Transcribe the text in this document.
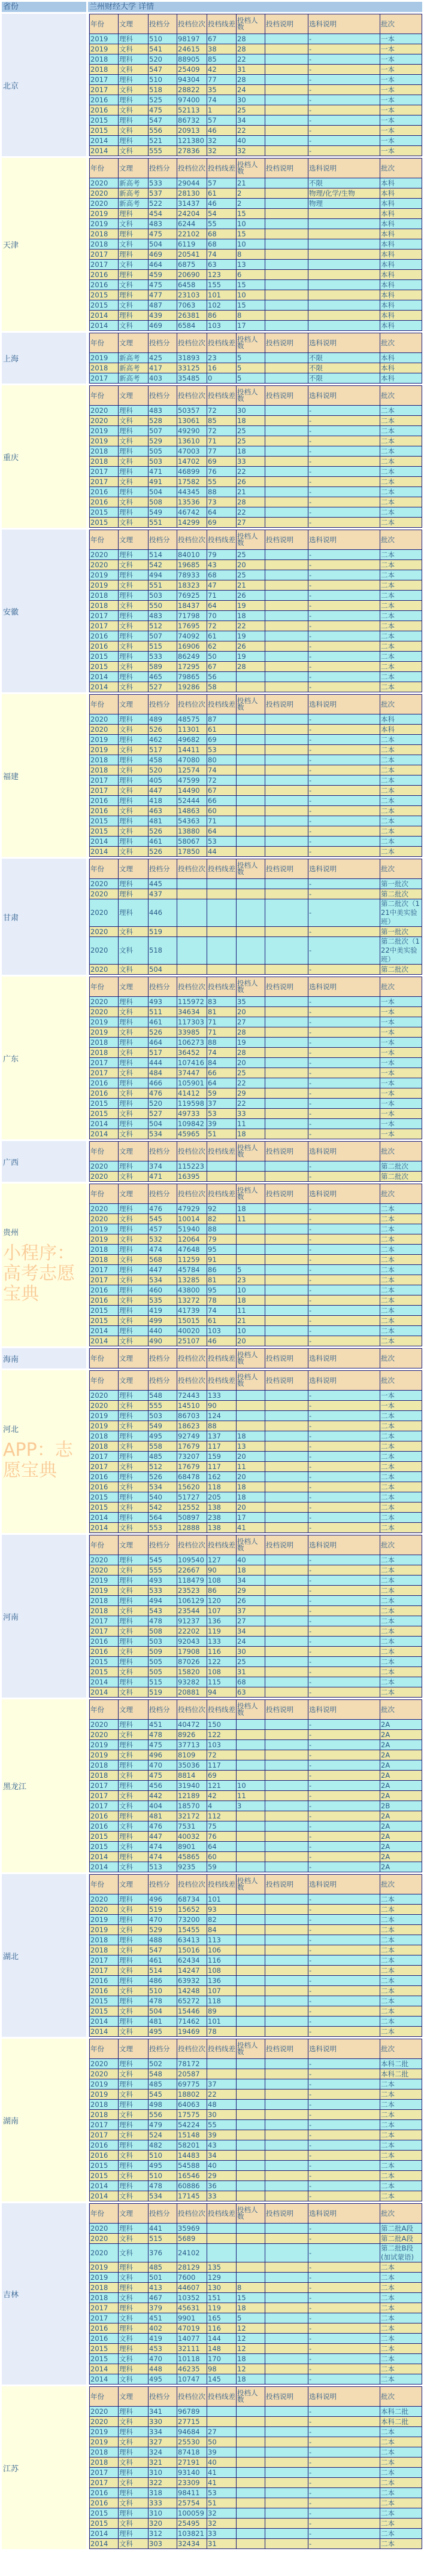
省份	兰州财经大学 详情

北京

年份	文理	投档分	投档位次	投档线差	投档人数	投档说明	选科说明	批次
2019	理科	510	98197	67	28		-	一本
2019	文科	541	24615	38	28		-	一本
2018	理科	520	88905	85	22		-	一本
2018	文科	547	25409	42	31		-	一本
2017	理科	510	94304	77	28		-	一本
2017	文科	518	28822	35	24		-	一本
2016	理科	525	97400	74	30		-	一本
2016	文科	475	52113	1	25		-	一本
2015	理科	547	86732	57	34		-	一本
2015	文科	556	20913	46	22		-	一本
2014	理科	521	121380	32	40		-	一本
2014	文科	555	27836	32	32		-	一本

天津

年份	文理	投档分	投档位次	投档线差	投档人数	投档说明	选科说明	批次
2020	新高考	533	29044	57	21		不限	本科
2020	新高考	537	28130	61	2		物理/化学/生物	本科
2020	新高考	522	31437	46	2		物理	本科
2019	理科	454	24204	54	15			本科
2019	文科	483	6244	55	10			本科
2018	理科	475	22102	68	15			本科
2018	文科	504	6119	68	10			本科
2017	理科	469	20541	74	8			本科
2017	文科	464	6875	63	13			本科
2016	理科	459	20690	123	6			本科
2016	文科	475	6458	155	15			本科
2015	理科	477	23103	101	10			本科
2015	文科	487	7063	102	15			本科
2014	理科	439	26381	86	8			本科
2014	文科	469	6584	103	17			本科

上海

年份	文理	投档分	投档位次	投档线差	投档人数	投档说明	选科说明	批次
2019	新高考	425	31893	23	5		不限	本科
2018	新高考	417	33125	16	5		不限	本科
2017	新高考	403	35485	0	5		不限	本科

重庆

年份	文理	投档分	投档位次	投档线差	投档人数	投档说明	选科说明	批次
2020	理科	483	50357	72	30		-	二本
2020	文科	528	13061	85	18		-	二本
2019	理科	507	49290	72	25		-	二本
2019	文科	529	13610	71	25		-	二本
2018	理科	505	47003	77	18		-	二本
2018	文科	503	14702	69	33		-	二本
2017	理科	471	46899	76	22		-	二本
2017	文科	491	17582	55	26		-	二本
2016	理科	504	44345	88	21		-	二本
2016	文科	508	13536	73	28		-	二本
2015	理科	549	46742	64	22		-	二本
2015	文科	551	14299	69	27		-	二本

安徽

年份	文理	投档分	投档位次	投档线差	投档人数	投档说明	选科说明	批次
2020	理科	514	84010	79	25		-	二本
2020	文科	542	19685	43	20		-	二本
2019	理科	494	78933	68	25		-	二本
2019	文科	551	18323	47	21		-	二本
2018	理科	503	76925	71	26		-	二本
2018	文科	550	18437	64	19		-	二本
2017	理科	483	71798	70	18		-	二本
2017	文科	512	17695	72	22		-	二本
2016	理科	507	74092	61	19		-	二本
2016	文科	515	16906	62	26		-	二本
2015	理科	533	86249	50	19		-	二本
2015	文科	589	17295	67	28		-	二本
2014	理科	465	79865	56			-	二本
2014	文科	527	19286	58			-	二本

福建

年份	文理	投档分	投档位次	投档线差	投档人数	投档说明	选科说明	批次
2020	理科	489	48575	87			-	本科
2020	文科	526	11301	61			-	本科
2019	理科	462	49682	69			-	二本
2019	文科	517	14411	53			-	二本
2018	理科	458	47080	80			-	二本
2018	文科	520	12574	74			-	二本
2017	理科	405	47599	72			-	二本
2017	文科	447	14490	67			-	二本
2016	理科	418	52444	66			-	二本
2016	文科	463	14863	60			-	二本
2015	理科	481	54363	71			-	二本
2015	文科	526	13880	64			-	二本
2014	理科	461	58067	53			-	二本
2014	文科	526	17850	44			-	二本

甘肃

年份	文理	投档分	投档位次	投档线差	投档人数	投档说明	选科说明	批次
2020	理科	445					-	第一批次
2020	理科	437					-	第二批次
2020	理科	446					-	第二批次（121中美实验班）
2020	文科	519					-	第一批次
2020	文科	518					-	第二批次（122中美实验班）
2020	文科	504					-	第二批次

广东

年份	文理	投档分	投档位次	投档线差	投档人数	投档说明	选科说明	批次
2020	理科	493	115972	83	35		-	一本
2020	文科	511	34634	81	20		-	一本
2019	理科	461	117303	71	27		-	一本
2019	文科	526	33985	71	28		-	一本
2018	理科	464	106273	88	19		-	一本
2018	文科	517	36452	74	28		-	一本
2017	理科	444	107416	84	20		-	一本
2017	文科	484	37447	66	25		-	一本
2016	理科	466	105901	64	22		-	一本
2016	文科	476	41412	59	29		-	一本
2015	理科	520	119598	37	22		-	一本
2015	文科	527	49733	53	33		-	一本
2014	理科	504	109842	39	11		-	一本
2014	文科	534	45965	51	18		-	一本

广西

年份	文理	投档分	投档位次	投档线差	投档人数	投档说明	选科说明	批次
2020	理科	374	115223				-	第二批次
2020	文科	471	16395				-	第二批次

贵州
小程序：高考志愿宝典

年份	文理	投档分	投档位次	投档线差	投档人数	投档说明	选科说明	批次
2020	理科	476	47929	92	18		-	二本
2020	文科	545	10014	82	11		-	二本
2019	理科	457	51940	88			-	二本
2019	文科	532	12064	79			-	二本
2018	理科	474	47648	95			-	二本
2018	文科	568	11259	91			-	二本
2017	理科	447	45784	86	5		-	二本
2017	文科	534	13285	81	23		-	二本
2016	理科	460	43800	95	10		-	二本
2016	文科	535	13272	78	18		-	二本
2015	理科	419	41739	74	11		-	二本
2015	文科	499	15015	61	21		-	二本
2014	理科	440	40020	103	10		-	二本
2014	文科	490	25107	46	20		-	二本

海南
		年份	文理	投档分	投档位次	投档线差	投档人数	投档说明	选科说明	批次

河北
APP：志愿宝典

年份	文理	投档分	投档位次	投档线差	投档人数	投档说明	选科说明	批次
2020	理科	548	72443	133			-	一本
2020	文科	555	14510	90			-	一本
2019	理科	503	86703	124			-	二本
2019	文科	549	18623	88			-	二本
2018	理科	495	92749	137	18		-	二本
2018	文科	558	17679	117	13		-	二本
2017	理科	485	73207	159	20		-	二本
2017	文科	512	17679	117	11		-	二本
2016	理科	526	68478	162	20		-	二本
2016	文科	534	15620	118	18		-	二本
2015	理科	540	51727	205	18		-	二本
2015	文科	542	12552	138	20		-	二本
2014	理科	564	50897	238	17		-	二本
2014	文科	553	12888	138	41		-	二本

河南

年份	文理	投档分	投档位次	投档线差	投档人数	投档说明	选科说明	批次
2020	理科	545	109540	127	40		-	二本
2020	文科	555	22667	90	18		-	二本
2019	理科	493	118479	108	34		-	二本
2019	文科	533	23523	86	29		-	二本
2018	理科	494	106129	120	26		-	二本
2018	文科	543	23544	107	37		-	二本
2017	理科	478	91237	136	27		-	二本
2017	文科	508	22202	119	34		-	二本
2016	理科	503	92043	133	24		-	二本
2016	文科	509	17908	116	30		-	二本
2015	理科	505	87026	122	25		-	二本
2015	文科	505	15820	108	31		-	二本
2014	理科	515	93282	115	68		-	二本
2014	文科	519	20881	94	63		-	二本

黑龙江

年份	文理	投档分	投档位次	投档线差	投档人数	投档说明	选科说明	批次
2020	理科	451	40472	150			-	2A
2020	文科	478	8926	122			-	2A
2019	理科	475	37713	103			-	2A
2019	文科	496	8109	72			-	2A
2018	理科	470	35036	117			-	2A
2018	文科	475	8814	69			-	2A
2017	理科	456	31940	121	10		-	2A
2017	文科	442	12189	42	11		-	2A
2017	文科	404	18570	4	3		-	2B
2016	理科	481	32172	112			-	2A
2016	文科	476	7531	75			-	2A
2015	理科	447	40032	76			-	2A
2015	文科	474	8901	64			-	2A
2014	理科	474	45865	60			-	2A
2014	文科	513	9235	59			-	2A

湖北

年份	文理	投档分	投档位次	投档线差	投档人数	投档说明	选科说明	批次
2020	理科	496	68734	101			-	二本
2020	文科	519	15652	93			-	二本
2019	理科	470	73200	82			-	二本
2019	文科	529	15455	84			-	二本
2018	理科	488	63413	113			-	二本
2018	文科	547	15016	106			-	二本
2017	理科	461	62434	116			-	二本
2017	文科	514	14247	108			-	二本
2016	理科	486	63932	136			-	二本
2016	文科	510	14248	107			-	二本
2015	理科	478	65272	118			-	二本
2015	文科	504	15446	89			-	二本
2014	理科	481	71462	101			-	二本
2014	文科	495	19469	78			-	二本

湖南

年份	文理	投档分	投档位次	投档线差	投档人数	投档说明	选科说明	批次
2020	理科	502	78172				-	本科二批
2020	文科	548	20587				-	本科二批
2019	理科	485	69775	37			-	二本
2019	文科	545	18802	22			-	二本
2018	理科	498	64063	48			-	二本
2018	文科	556	17575	30			-	二本
2017	理科	479	54224	55			-	二本
2017	文科	524	15148	39			-	二本
2016	理科	482	58201	43			-	二本
2016	文科	510	14483	34			-	二本
2015	理科	495	54588	40			-	二本
2015	文科	510	16546	29			-	二本
2014	理科	478	60886	36			-	二本
2014	文科	534	17145	33			-	二本

吉林

年份	文理	投档分	投档位次	投档线差	投档人数	投档说明	选科说明	批次
2020	理科	441	35969				-	第二批A段
2020	文科	515	5689				-	第二批A段
2020	文科	376	24102				-	第二批B段(加试蒙语)
2019	理科	485	28129	135			-	二本
2019	文科	501	7600	129			-	二本
2018	理科	413	44607	130	8		-	二本
2018	文科	467	10352	151	15		-	二本
2017	理科	379	45631	119	18		-	二本
2017	文科	451	9901	165	5		-	二本
2016	理科	402	47019	116	12		-	二本
2016	文科	419	14077	144	12		-	二本
2015	理科	453	32111	148	12		-	二本
2015	文科	470	10118	170	18		-	二本
2014	理科	448	46235	98	12		-	二本
2014	文科	495	10747	145	18		-	二本

江苏

年份	文理	投档分	投档位次	投档线差	投档人数	投档说明	选科说明	批次
2020	理科	341	96789				-	本科二批
2020	文科	330	27715				-	本科二批
2019	理科	334	94684	27			-	二本
2019	文科	327	25530	50			-	二本
2018	理科	324	87418	39			-	二本
2018	文科	321	27191	40			-	二本
2017	理科	310	93140	41			-	二本
2017	文科	322	23309	41			-	二本
2016	理科	318	98411	53			-	二本
2016	文科	333	25754	51			-	二本
2015	理科	310	100059	32			-	二本
2015	文科	320	25495	32			-	二本
2014	理科	312	103821	33			-	二本
2014	文科	303	32434	31			-	二本
